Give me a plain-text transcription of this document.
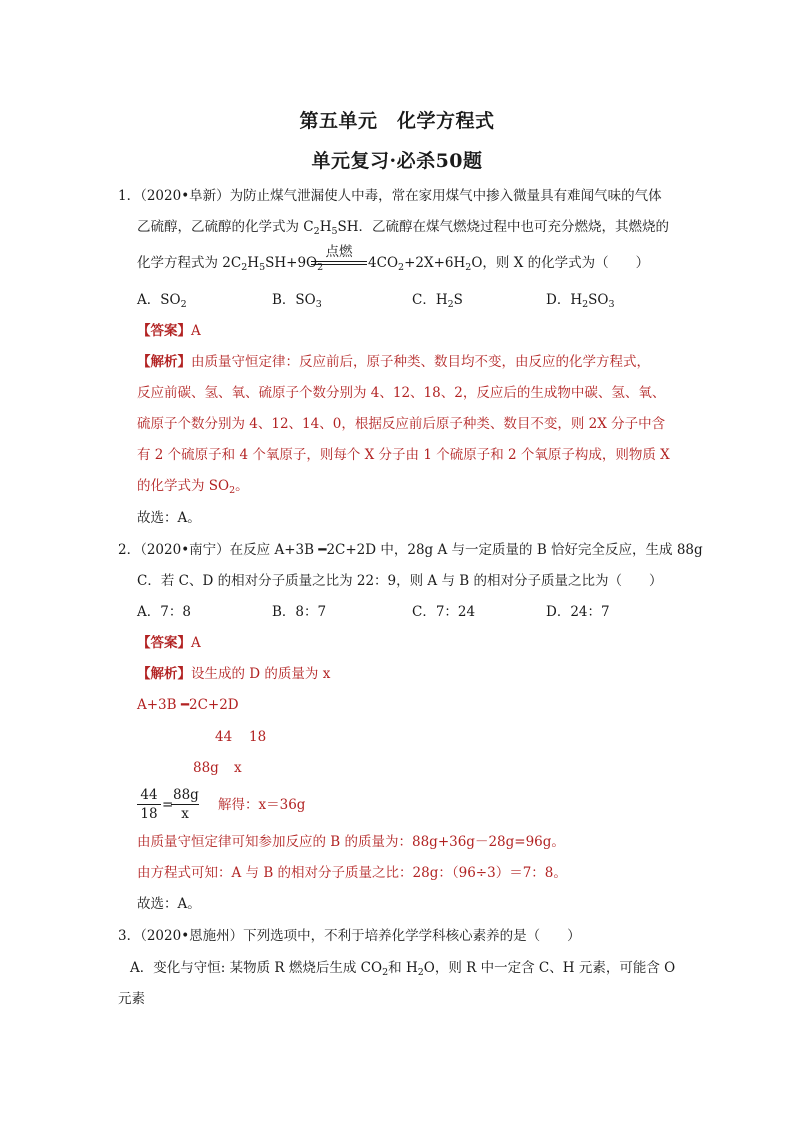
第五单元　化学方程式
单元复习·必杀50题
1．（2020•阜新）为防止煤气泄漏使人中毒，常在家用煤气中掺入微量具有难闻气味的气体
乙硫醇，乙硫醇的化学式为 $C_2H_5SH$．乙硫醇在煤气燃烧过程中也可充分燃烧，其燃烧的
化学方程式为 $2C_2H_5SH+9O_2$
点燃
$4CO_2+2X+6H_2O$，则 X 的化学式为（　　 ）
A．$SO_2$	B．$SO_3$	C．$H_2S$	D．$H_2SO_3$
【答案】A
【解析】由质量守恒定律：反应前后，原子种类、数目均不变，由反应的化学方程式，
反应前碳、氢、氧、硫原子个数分别为 4、12、18、2，反应后的生成物中碳、氢、氧、
硫原子个数分别为 4、12、14、0，根据反应前后原子种类、数目不变，则 2X 分子中含
有 2 个硫原子和 4 个氧原子，则每个 X 分子由 1 个硫原子和 2 个氧原子构成，则物质 X
的化学式为 $SO_2$。
故选：A。
2．（2020•南宁）在反应 A+3B ━2C+2D 中，28g A 与一定质量的 B 恰好完全反应，生成 88g
C．若 C、D 的相对分子质量之比为 22：9，则 A 与 B 的相对分子质量之比为（　　）
A．7：8	B．8：7	C．7：24	D．24：7
【答案】A
【解析】设生成的 D 的质量为 x
A+3B ━2C+2D
44 18
88g x
$\frac{44}{18}$ =
$\frac{88g}{x}$ 解得：x＝36g
由质量守恒定律可知参加反应的 B 的质量为：88g+36g－28g=96g。
由方程式可知：A 与 B 的相对分子质量之比：28g：（96÷3）＝7：8。
故选：A。
3．（2020•恩施州）下列选项中，不利于培养化学学科核心素养的是（　　）
A．变化与守恒: 某物质 R 燃烧后生成 $CO_2$和 $H_2O$，则 R 中一定含 C、H 元素，可能含 O
元素
